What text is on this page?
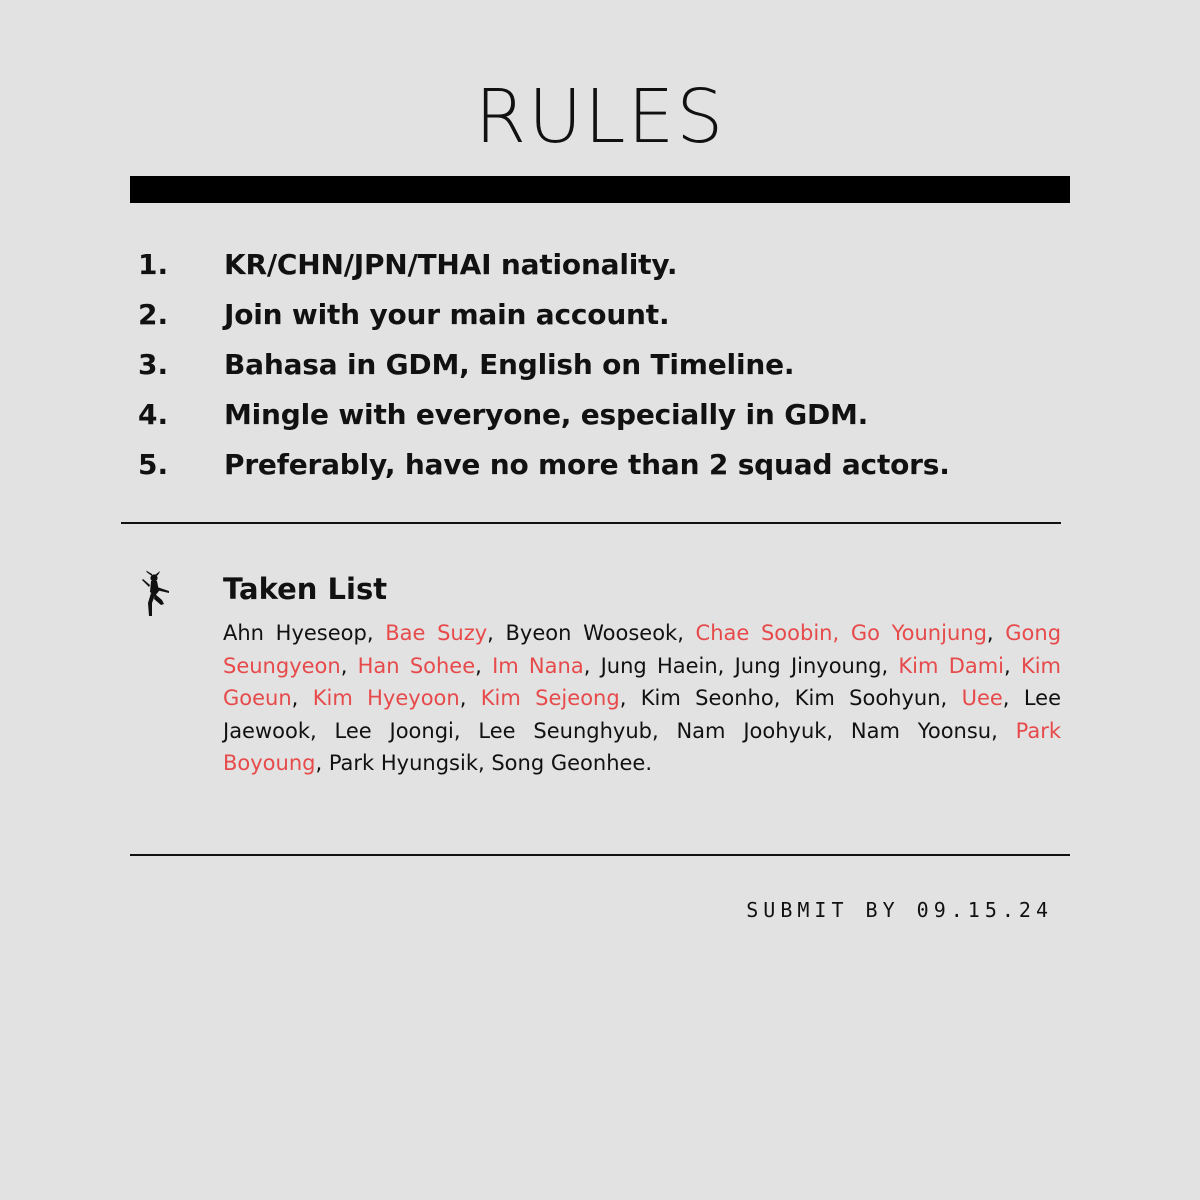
RULES
1. KR/CHN/JPN/THAI nationality.
2. Join with your main account.
3. Bahasa in GDM, English on Timeline.
4. Mingle with everyone, especially in GDM.
5. Preferably, have no more than 2 squad actors.
Taken List
Ahn Hyeseop, Bae Suzy, Byeon Wooseok, Chae Soobin, Go Younjung, Gong Seungyeon, Han Sohee, Im Nana, Jung Haein, Jung Jinyoung, Kim Dami, Kim Goeun, Kim Hyeyoon, Kim Sejeong, Kim Seonho, Kim Soohyun, Uee, Lee Jaewook, Lee Joongi, Lee Seunghyub, Nam Joohyuk, Nam Yoonsu, Park Boyoung, Park Hyungsik, Song Geonhee.
SUBMIT BY 09.15.24
